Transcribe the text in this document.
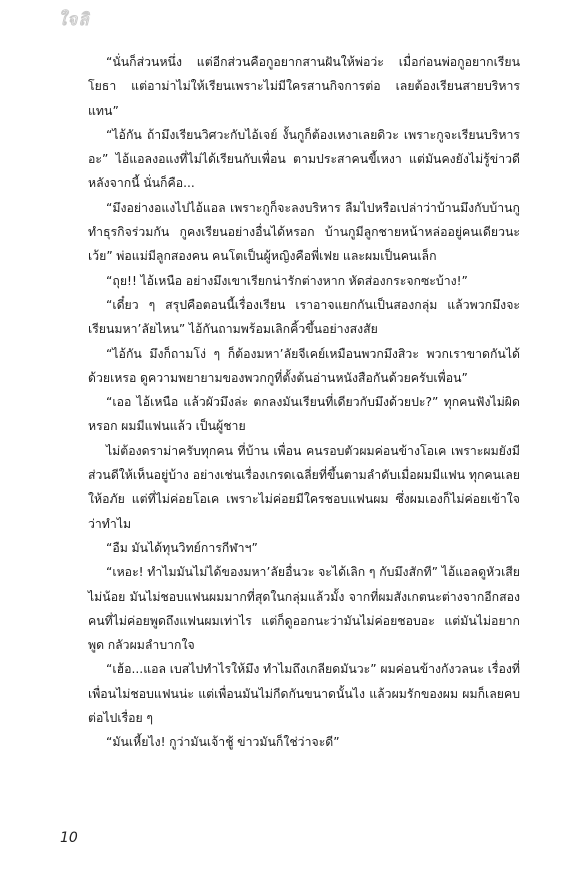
ใจลิ

“นั่นก็ส่วนหนึ่ง แต่อีกส่วนคือกูอยากสานฝันให้พ่อว่ะ เมื่อก่อนพ่อกูอยากเรียนโยธา แต่อาม่าไม่ให้เรียนเพราะไม่มีใครสานกิจการต่อ เลยต้องเรียนสายบริหารแทน”

“ไอ้กัน ถ้ามึงเรียนวิศวะกับไอ้เจย์ งั้นกูก็ต้องเหงาเลยดิวะ เพราะกูจะเรียนบริหารอะ” ไอ้แอลงอแงที่ไม่ได้เรียนกับเพื่อน ตามประสาคนขี้เหงา แต่มันคงยังไม่รู้ข่าวดีหลังจากนี้ นั่นก็คือ...

“มึงอย่างอแงไปไอ้แอล เพราะกูก็จะลงบริหาร ลืมไปหรือเปล่าว่าบ้านมึงกับบ้านกูทำธุรกิจร่วมกัน กูคงเรียนอย่างอื่นได้หรอก บ้านกูมีลูกชายหน้าหล่ออยู่คนเดียวนะเว้ย” พ่อแม่มีลูกสองคน คนโตเป็นผู้หญิงคือพี่เฟย และผมเป็นคนเล็ก

“ถุย!! ไอ้เหนือ อย่างมึงเขาเรียกน่ารักต่างหาก หัดส่องกระจกซะบ้าง!”

“เดี๋ยว ๆ สรุปคือตอนนี้เรื่องเรียน เราอาจแยกกันเป็นสองกลุ่ม แล้วพวกมึงจะเรียนมหา’ลัยไหน” ไอ้กันถามพร้อมเลิกคิ้วขึ้นอย่างสงสัย

“ไอ้กัน มึงก็ถามโง่ ๆ ก็ต้องมหา’ลัยจีเคย์เหมือนพวกมึงสิวะ พวกเราขาดกันได้ด้วยเหรอ ดูความพยายามของพวกกูที่ตั้งต้นอ่านหนังสือกันด้วยครับเพื่อน”

“เออ ไอ้เหนือ แล้วผัวมึงล่ะ ตกลงมันเรียนที่เดียวกับมึงด้วยปะ?” ทุกคนฟังไม่ผิดหรอก ผมมีแฟนแล้ว เป็นผู้ชาย

ไม่ต้องดราม่าครับทุกคน ที่บ้าน เพื่อน คนรอบตัวผมค่อนข้างโอเค เพราะผมยังมีส่วนดีให้เห็นอยู่บ้าง อย่างเช่นเรื่องเกรดเฉลี่ยที่ขึ้นตามลำดับเมื่อผมมีแฟน ทุกคนเลยให้อภัย แต่ที่ไม่ค่อยโอเค เพราะไม่ค่อยมีใครชอบแฟนผม ซึ่งผมเองก็ไม่ค่อยเข้าใจว่าทำไม

“อืม มันได้ทุนวิทย์การกีฬาฯ”

“เหอะ! ทำไมมันไม่ได้ของมหา’ลัยอื่นวะ จะได้เลิก ๆ กับมึงสักที” ไอ้แอลดูหัวเสียไม่น้อย มันไม่ชอบแฟนผมมากที่สุดในกลุ่มแล้วมั้ง จากที่ผมสังเกตนะต่างจากอีกสองคนที่ไม่ค่อยพูดถึงแฟนผมเท่าไร แต่ก็ดูออกนะว่ามันไม่ค่อยชอบอะ แต่มันไม่อยากพูด กลัวผมลำบากใจ

“เฮ้อ...แอล เบสไปทำไรให้มึง ทำไมถึงเกลียดมันวะ” ผมค่อนข้างกังวลนะ เรื่องที่เพื่อนไม่ชอบแฟนน่ะ แต่เพื่อนมันไม่กีดกันขนาดนั้นไง แล้วผมรักของผม ผมก็เลยคบต่อไปเรื่อย ๆ

“มันเหี้ยไง! กูว่ามันเจ้าชู้ ข่าวมันก็ใช่ว่าจะดี”

10
